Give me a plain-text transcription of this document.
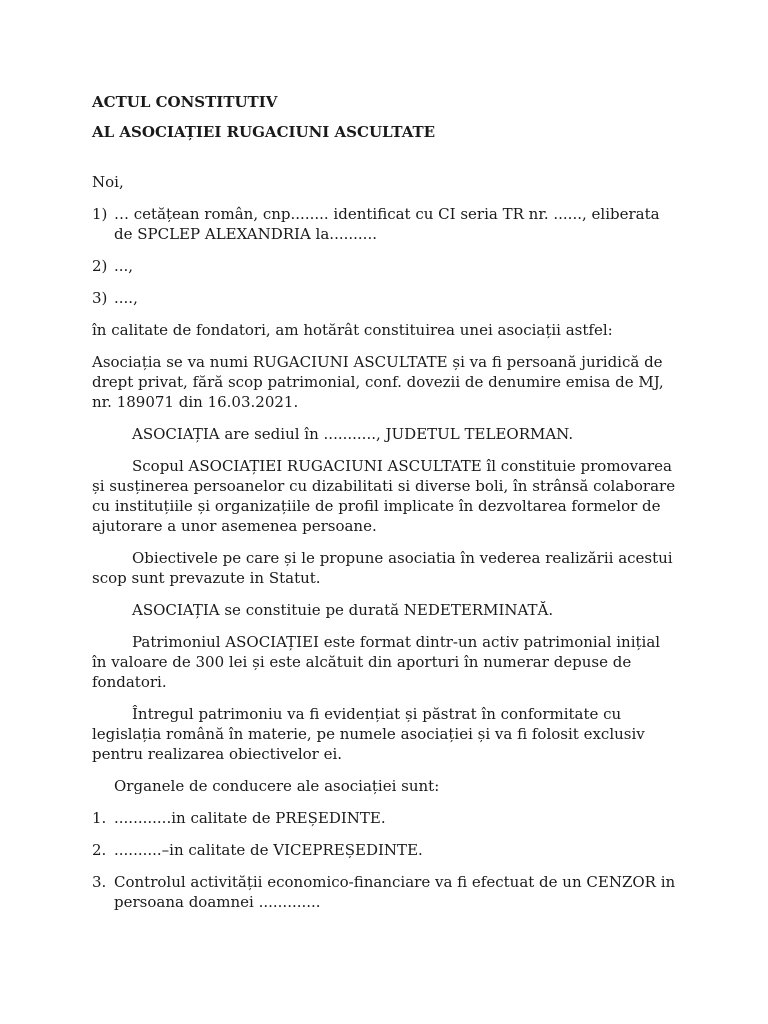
ACTUL CONSTITUTIV

AL ASOCIAȚIEI RUGACIUNI ASCULTATE

Noi,

1) … cetățean român, cnp........ identificat cu CI seria TR nr. ......, eliberata de SPCLEP ALEXANDRIA la..........
2) ...,
3) ....,

în calitate de fondatori, am hotărât constituirea unei asociații astfel:

Asociația se va numi RUGACIUNI ASCULTATE și va fi persoană juridică de drept privat, fără scop patrimonial, conf. dovezii de denumire emisa de MJ, nr. 189071 din 16.03.2021.

ASOCIAȚIA are sediul în ..........., JUDETUL TELEORMAN.

Scopul ASOCIAȚIEI RUGACIUNI ASCULTATE îl constituie promovarea și susținerea persoanelor cu dizabilitati si diverse boli, în strânsă colaborare cu instituțiile și organizațiile de profil implicate în dezvoltarea formelor de ajutorare a unor asemenea persoane.

Obiectivele pe care și le propune asociatia în vederea realizării acestui scop sunt prevazute in Statut.

ASOCIAȚIA se constituie pe durată NEDETERMINATĂ.

Patrimoniul ASOCIAȚIEI este format dintr-un activ patrimonial inițial în valoare de 300 lei și este alcătuit din aporturi în numerar depuse de fondatori.

Întregul patrimoniu va fi evidențiat și păstrat în conformitate cu legislația română în materie, pe numele asociației și va fi folosit exclusiv pentru realizarea obiectivelor ei.

Organele de conducere ale asociației sunt:

1. ............in calitate de PREȘEDINTE.
2. ..........–in calitate de VICEPREȘEDINTE.
3. Controlul activității economico-financiare va fi efectuat de un CENZOR in persoana doamnei .............
